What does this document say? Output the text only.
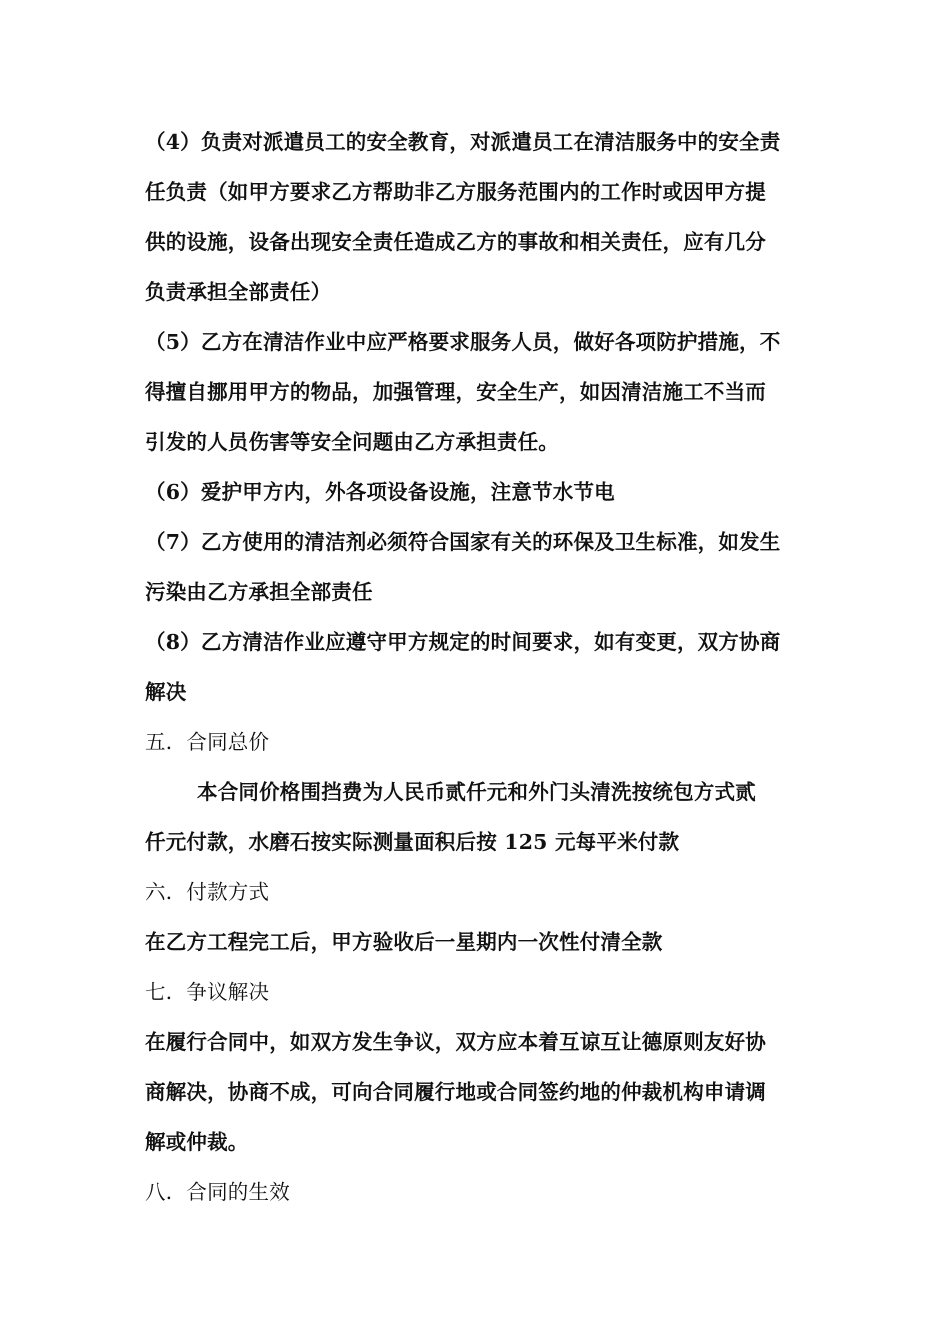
（4）负责对派遣员工的安全教育，对派遣员工在清洁服务中的安全责
任负责（如甲方要求乙方帮助非乙方服务范围内的工作时或因甲方提
供的设施，设备出现安全责任造成乙方的事故和相关责任，应有几分
负责承担全部责任）
（5）乙方在清洁作业中应严格要求服务人员，做好各项防护措施，不
得擅自挪用甲方的物品，加强管理，安全生产，如因清洁施工不当而
引发的人员伤害等安全问题由乙方承担责任。
（6）爱护甲方内，外各项设备设施，注意节水节电
（7）乙方使用的清洁剂必须符合国家有关的环保及卫生标准，如发生
污染由乙方承担全部责任
（8）乙方清洁作业应遵守甲方规定的时间要求，如有变更，双方协商
解决
五．合同总价
本合同价格围挡费为人民币贰仟元和外门头清洗按统包方式贰
仟元付款，水磨石按实际测量面积后按 125 元每平米付款
六．付款方式
在乙方工程完工后，甲方验收后一星期内一次性付清全款
七．争议解决
在履行合同中，如双方发生争议，双方应本着互谅互让德原则友好协
商解决，协商不成，可向合同履行地或合同签约地的仲裁机构申请调
解或仲裁。
八．合同的生效
